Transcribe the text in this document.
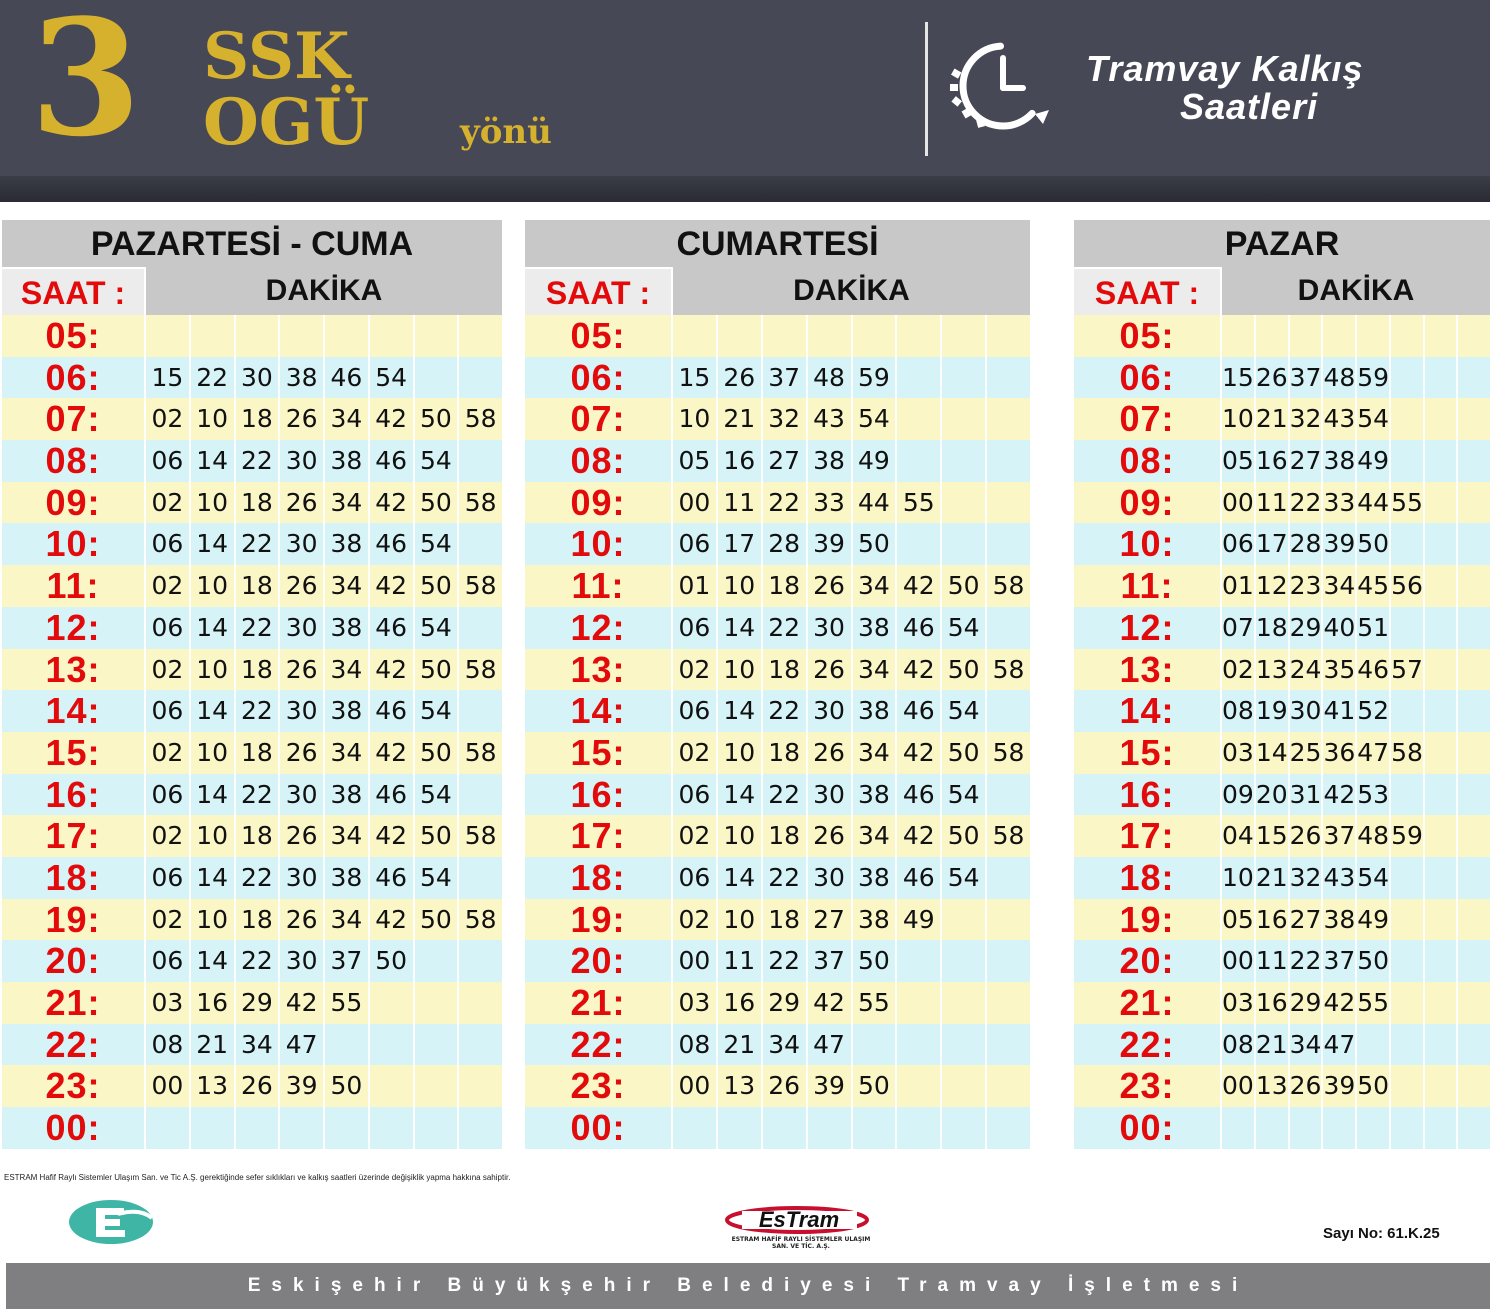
3 SSK
OGÜ	yönü
Tramvay Kalkış
Saatleri
PAZARTESİ - CUMA
SAAT :	DAKİKA
05:
06:	15 22 30 38 46 54
07:	02 10 18 26 34 42 50 58
08:	06 14 22 30 38 46 54
09:	02 10 18 26 34 42 50 58
10:	06 14 22 30 38 46 54
11:	02 10 18 26 34 42 50 58
12:	06 14 22 30 38 46 54
13:	02 10 18 26 34 42 50 58
14:	06 14 22 30 38 46 54
15:	02 10 18 26 34 42 50 58
16:	06 14 22 30 38 46 54
17:	02 10 18 26 34 42 50 58
18:	06 14 22 30 38 46 54
19:	02 10 18 26 34 42 50 58
20:	06 14 22 30 37 50
21:	03 16 29 42 55
22:	08 21 34 47
23:	00 13 26 39 50
00:
CUMARTESİ
SAAT :	DAKİKA
05:
06:	15 26 37 48 59
07:	10 21 32 43 54
08:	05 16 27 38 49
09:	00 11 22 33 44 55
10:	06 17 28 39 50
11:	01 10 18 26 34 42 50 58
12:	06 14 22 30 38 46 54
13:	02 10 18 26 34 42 50 58
14:	06 14 22 30 38 46 54
15:	02 10 18 26 34 42 50 58
16:	06 14 22 30 38 46 54
17:	02 10 18 26 34 42 50 58
18:	06 14 22 30 38 46 54
19:	02 10 18 27 38 49
20:	00 11 22 37 50
21:	03 16 29 42 55
22:	08 21 34 47
23:	00 13 26 39 50
00:
PAZAR
SAAT :	DAKİKA
05:
06:	15 26 37 48 59
07:	10 21 32 43 54
08:	05 16 27 38 49
09:	00 11 22 33 44 55
10:	06 17 28 39 50
11:	01 12 23 34 45 56
12:	07 18 29 40 51
13:	02 13 24 35 46 57
14:	08 19 30 41 52
15:	03 14 25 36 47 58
16:	09 20 31 42 53
17:	04 15 26 37 48 59
18:	10 21 32 43 54
19:	05 16 27 38 49
20:	00 11 22 37 50
21:	03 16 29 42 55
22:	08 21 34 47
23:	00 13 26 39 50
00:
ESTRAM Hafif Raylı Sistemler Ulaşım San. ve Tic A.Ş. gerektiğinde sefer sıklıkları ve kalkış saatleri üzerinde değişiklik yapma hakkına sahiptir.
EsTram
ESTRAM HAFİF RAYLI SİSTEMLER ULAŞIM
SAN. VE TİC. A.Ş.
Sayı No: 61.K.25
Eskişehir Büyükşehir Belediyesi Tramvay İşletmesi
